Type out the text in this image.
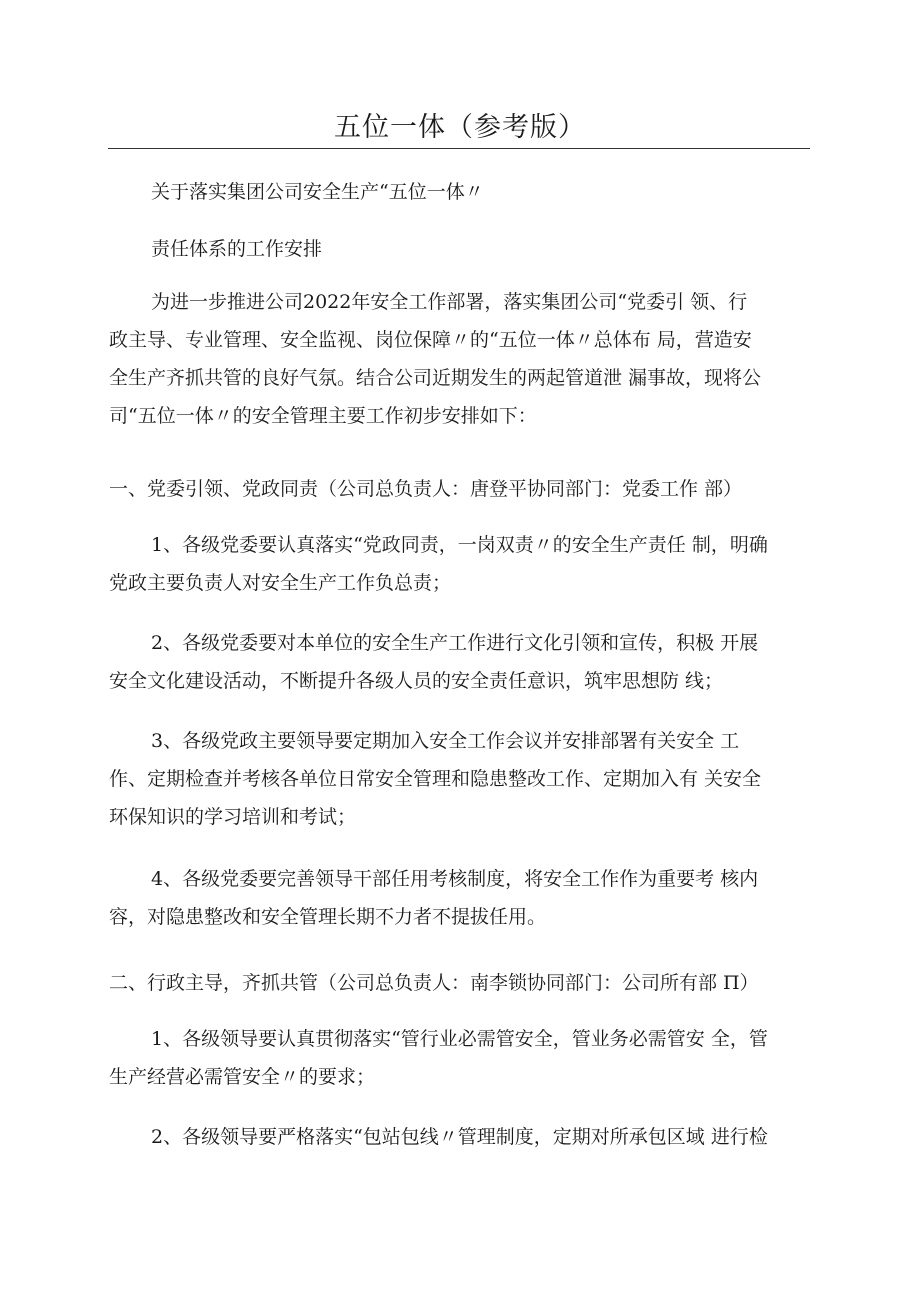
五位一体（参考版）
关于落实集团公司安全生产“五位一体〃
责任体系的工作安排
为进一步推进公司2022年安全工作部署，落实集团公司“党委引 领、行
政主导、专业管理、安全监视、岗位保障〃的“五位一体〃总体布 局，营造安
全生产齐抓共管的良好气氛。结合公司近期发生的两起管道泄 漏事故，现将公
司“五位一体〃的安全管理主要工作初步安排如下：
一、党委引领、党政同责（公司总负责人：唐登平协同部门：党委工作 部）
1、各级党委要认真落实“党政同责，一岗双责〃的安全生产责任 制，明确
党政主要负责人对安全生产工作负总责；
2、各级党委要对本单位的安全生产工作进行文化引领和宣传，积极 开展
安全文化建设活动，不断提升各级人员的安全责任意识，筑牢思想防 线；
3、各级党政主要领导要定期加入安全工作会议并安排部署有关安全 工
作、定期检查并考核各单位日常安全管理和隐患整改工作、定期加入有 关安全
环保知识的学习培训和考试；
4、各级党委要完善领导干部任用考核制度，将安全工作作为重要考 核内
容，对隐患整改和安全管理长期不力者不提拔任用。
二、行政主导，齐抓共管（公司总负责人：南李锁协同部门：公司所有部 Π）
1、各级领导要认真贯彻落实“管行业必需管安全，管业务必需管安 全，管
生产经营必需管安全〃的要求；
2、各级领导要严格落实“包站包线〃管理制度，定期对所承包区域 进行检
